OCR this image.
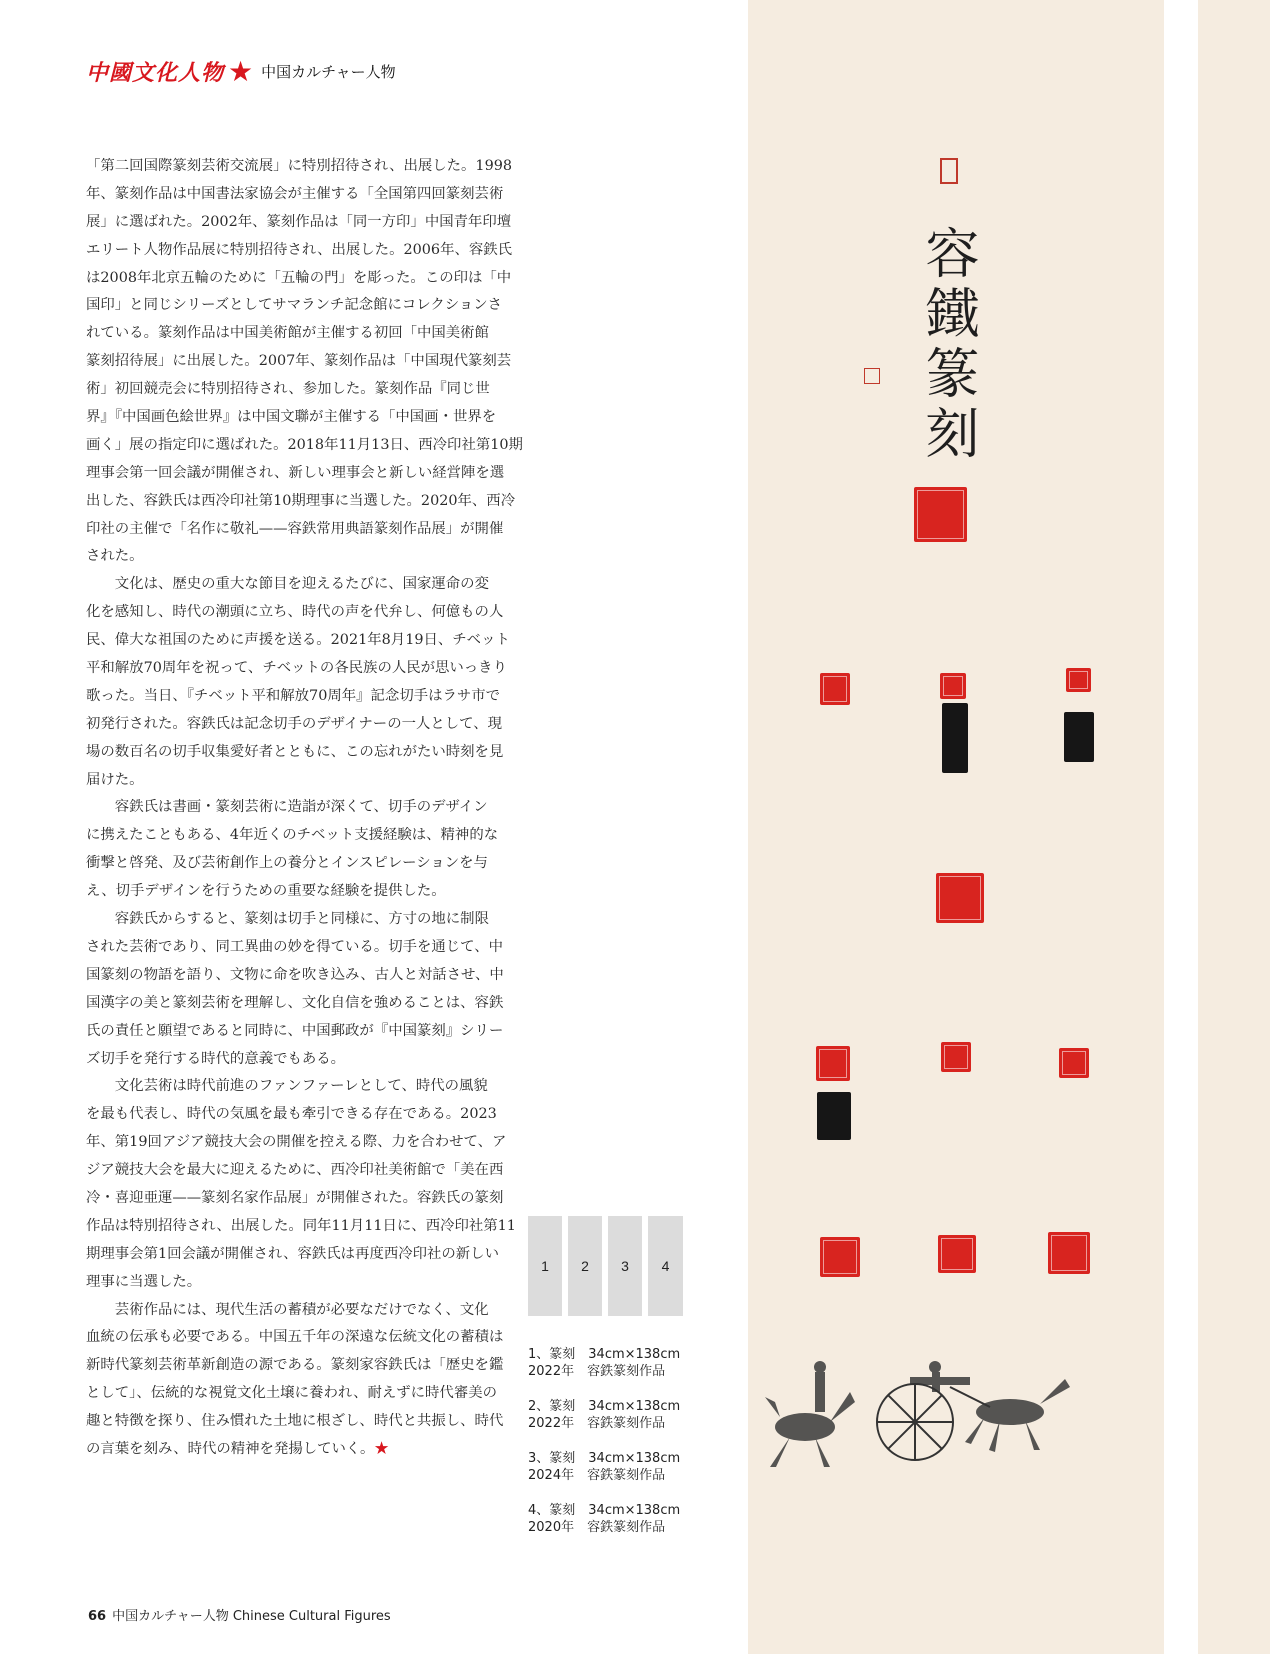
中國文化人物 ★ 中国カルチャー人物
「第二回国際篆刻芸術交流展」に特別招待され、出展した。1998
年、篆刻作品は中国書法家協会が主催する「全国第四回篆刻芸術
展」に選ばれた。2002年、篆刻作品は「同一方印」中国青年印壇
エリート人物作品展に特別招待され、出展した。2006年、容鉄氏
は2008年北京五輪のために「五輪の門」を彫った。この印は「中
国印」と同じシリーズとしてサマランチ記念館にコレクションさ
れている。篆刻作品は中国美術館が主催する初回「中国美術館
篆刻招待展」に出展した。2007年、篆刻作品は「中国現代篆刻芸
術」初回競売会に特別招待され、参加した。篆刻作品『同じ世
界』『中国画色絵世界』は中国文聯が主催する「中国画・世界を
画く」展の指定印に選ばれた。2018年11月13日、西冷印社第10期
理事会第一回会議が開催され、新しい理事会と新しい経営陣を選
出した、容鉄氏は西冷印社第10期理事に当選した。2020年、西冷
印社の主催で「名作に敬礼——容鉄常用典語篆刻作品展」が開催
された。
文化は、歴史の重大な節目を迎えるたびに、国家運命の変
化を感知し、時代の潮頭に立ち、時代の声を代弁し、何億もの人
民、偉大な祖国のために声援を送る。2021年8月19日、チベット
平和解放70周年を祝って、チベットの各民族の人民が思いっきり
歌った。当日、『チベット平和解放70周年』記念切手はラサ市で
初発行された。容鉄氏は記念切手のデザイナーの一人として、現
場の数百名の切手収集愛好者とともに、この忘れがたい時刻を見
届けた。
容鉄氏は書画・篆刻芸術に造詣が深くて、切手のデザイン
に携えたこともある、4年近くのチベット支援経験は、精神的な
衝撃と啓発、及び芸術創作上の養分とインスピレーションを与
え、切手デザインを行うための重要な経験を提供した。
容鉄氏からすると、篆刻は切手と同様に、方寸の地に制限
された芸術であり、同工異曲の妙を得ている。切手を通じて、中
国篆刻の物語を語り、文物に命を吹き込み、古人と対話させ、中
国漢字の美と篆刻芸術を理解し、文化自信を強めることは、容鉄
氏の責任と願望であると同時に、中国郵政が『中国篆刻』シリー
ズ切手を発行する時代的意義でもある。
文化芸術は時代前進のファンファーレとして、時代の風貌
を最も代表し、時代の気風を最も牽引できる存在である。2023
年、第19回アジア競技大会の開催を控える際、力を合わせて、ア
ジア競技大会を最大に迎えるために、西冷印社美術館で「美在西
冷・喜迎亜運——篆刻名家作品展」が開催された。容鉄氏の篆刻
作品は特別招待され、出展した。同年11月11日に、西冷印社第11
期理事会第1回会議が開催され、容鉄氏は再度西冷印社の新しい
理事に当選した。
芸術作品には、現代生活の蓄積が必要なだけでなく、文化
血統の伝承も必要である。中国五千年の深遠な伝統文化の蓄積は
新時代篆刻芸術革新創造の源である。篆刻家容鉄氏は「歴史を鑑
として」、伝統的な視覚文化土壌に養われ、耐えずに時代審美の
趣と特徴を探り、住み慣れた土地に根ざし、時代と共振し、時代
の言葉を刻み、時代の精神を発揚していく。★
1	2	3	4
1、篆刻　34cm×138cm
2022年　容鉄篆刻作品
2、篆刻　34cm×138cm
2022年　容鉄篆刻作品
3、篆刻　34cm×138cm
2024年　容鉄篆刻作品
4、篆刻　34cm×138cm
2020年　容鉄篆刻作品
66 中国カルチャー人物 Chinese Cultural Figures
容鐵篆刻
